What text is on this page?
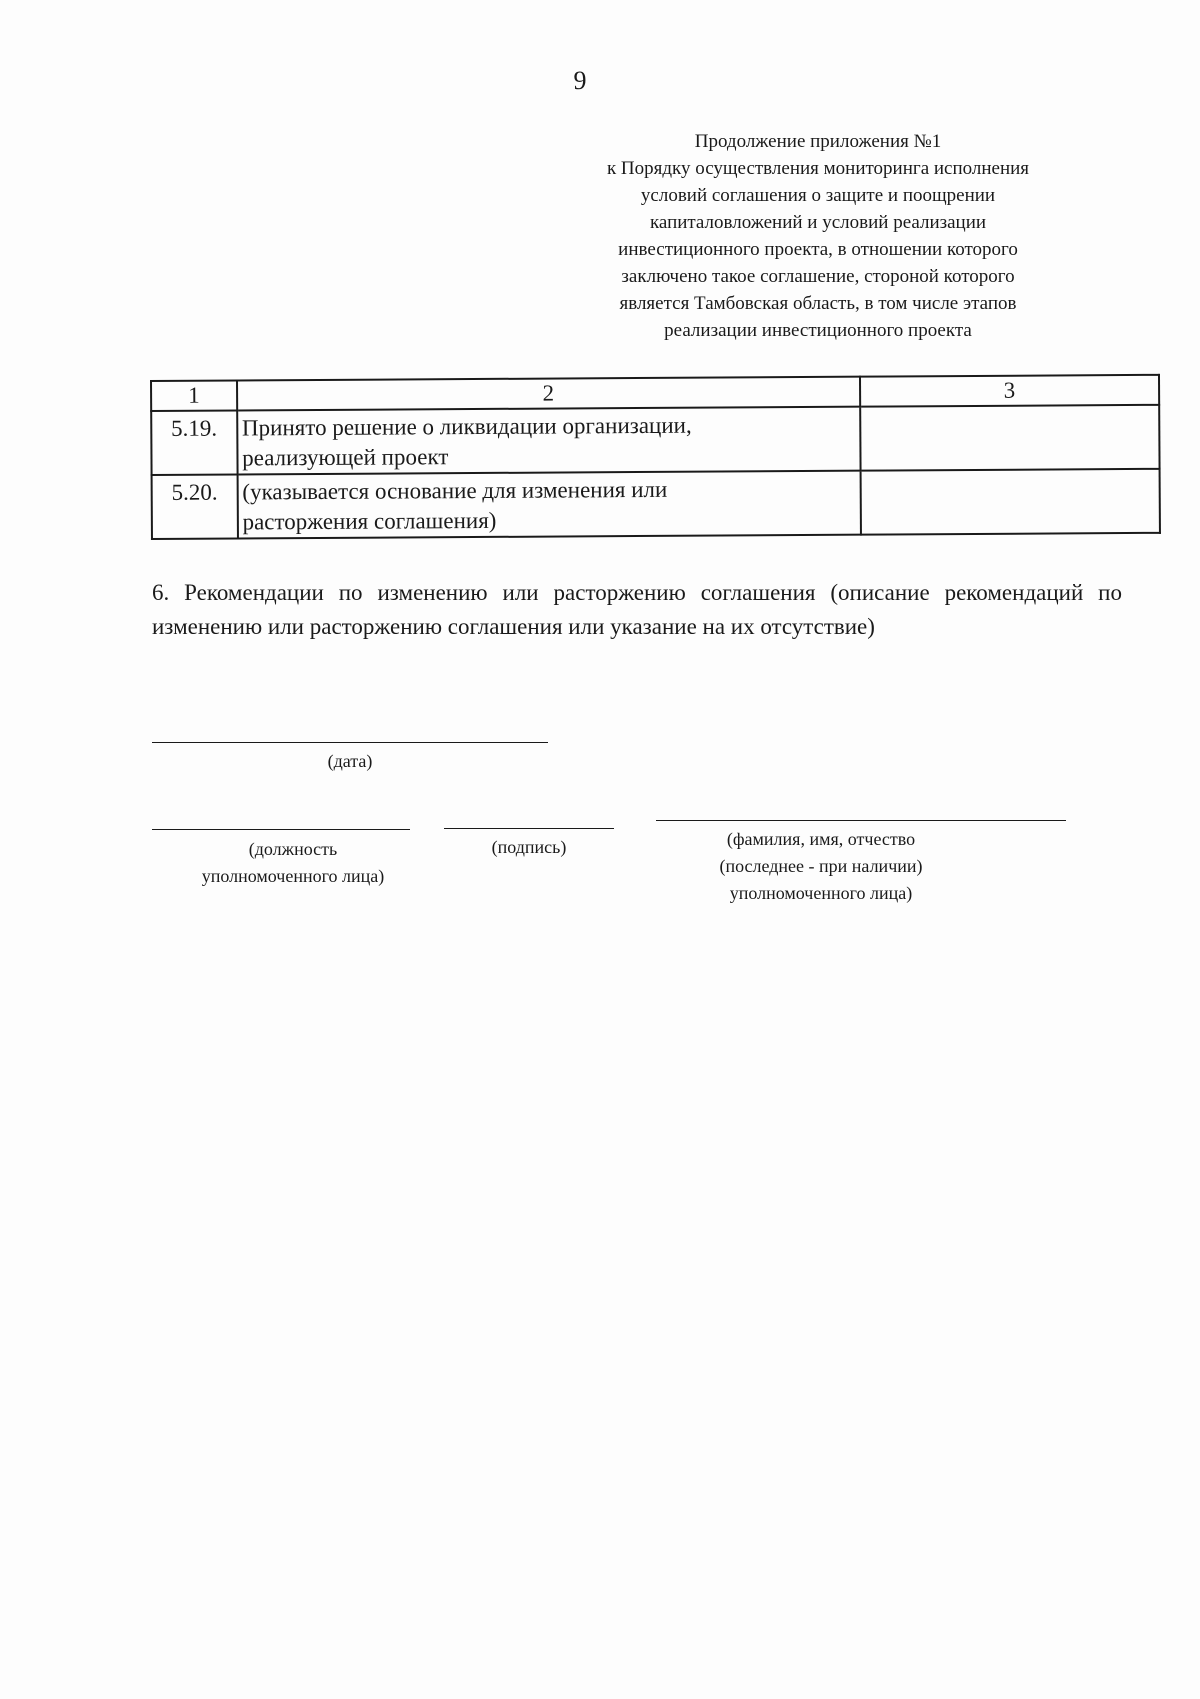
9
Продолжение приложения №1
к Порядку осуществления мониторинга исполнения
условий соглашения о защите и поощрении
капиталовложений и условий реализации
инвестиционного проекта, в отношении которого
заключено такое соглашение, стороной которого
является Тамбовская область, в том числе этапов
реализации инвестиционного проекта
1	2	3
5.19.	Принято решение о ликвидации организации,
реализующей проект	

5.20.	(указывается основание для изменения или
расторжения соглашения)	

6. Рекомендации по изменению или расторжению соглашения (описание рекомендаций по изменению или расторжению соглашения или указание на их отсутствие)
(дата)
(должность
уполномоченного лица)
(подпись)	(фамилия, имя, отчество
(последнее - при наличии)
уполномоченного лица)
